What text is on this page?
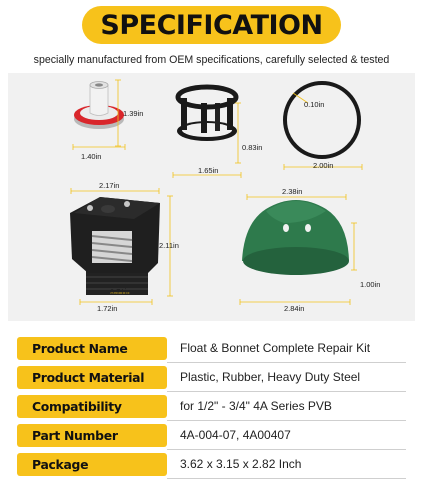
SPECIFICATION
specially manufactured from OEM specifications, carefully selected & tested
1.39in
1.40in
0.83in
1.65in
0.10in
2.00in
2.17in
2.11in
0.71in
1.72in
2.38in
1.00in
2.84in
Product Name	Float & Bonnet Complete Repair Kit
Product Material	Plastic, Rubber, Heavy Duty Steel
Compatibility	for 1/2" - 3/4" 4A Series PVB
Part Number	4A-004-07, 4A00407
Package	3.62 x 3.15 x 2.82 Inch
